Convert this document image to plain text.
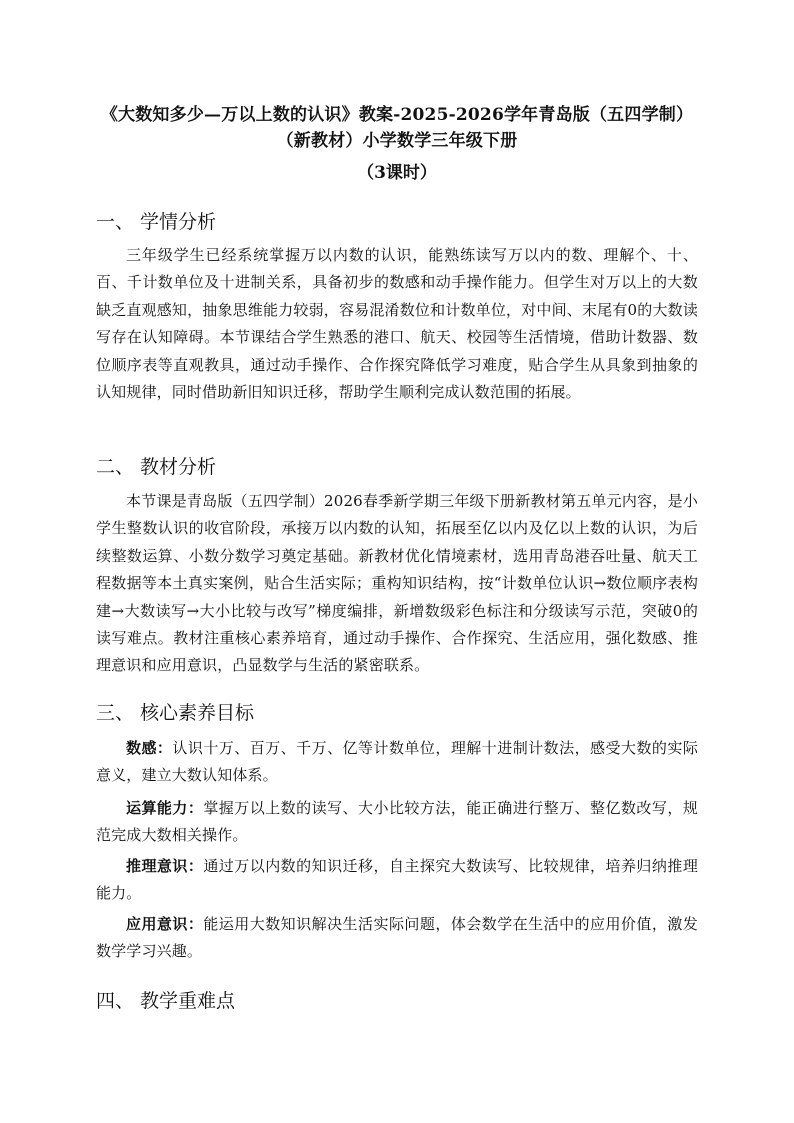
《大数知多少—万以上数的认识》教案-2025-2026学年青岛版（五四学制）（新教材）小学数学三年级下册
（3课时）
一、 学情分析
三年级学生已经系统掌握万以内数的认识，能熟练读写万以内的数、理解个、十、百、千计数单位及十进制关系，具备初步的数感和动手操作能力。但学生对万以上的大数缺乏直观感知，抽象思维能力较弱，容易混淆数位和计数单位，对中间、末尾有0的大数读写存在认知障碍。本节课结合学生熟悉的港口、航天、校园等生活情境，借助计数器、数位顺序表等直观教具，通过动手操作、合作探究降低学习难度，贴合学生从具象到抽象的认知规律，同时借助新旧知识迁移，帮助学生顺利完成认数范围的拓展。
二、 教材分析
本节课是青岛版（五四学制）2026春季新学期三年级下册新教材第五单元内容，是小学生整数认识的收官阶段，承接万以内数的认知，拓展至亿以内及亿以上数的认识，为后续整数运算、小数分数学习奠定基础。新教材优化情境素材，选用青岛港吞吐量、航天工程数据等本土真实案例，贴合生活实际；重构知识结构，按“计数单位认识→数位顺序表构建→大数读写→大小比较与改写”梯度编排，新增数级彩色标注和分级读写示范，突破0的读写难点。教材注重核心素养培育，通过动手操作、合作探究、生活应用，强化数感、推理意识和应用意识，凸显数学与生活的紧密联系。
三、 核心素养目标
数感：认识十万、百万、千万、亿等计数单位，理解十进制计数法，感受大数的实际意义，建立大数认知体系。
运算能力：掌握万以上数的读写、大小比较方法，能正确进行整万、整亿数改写，规范完成大数相关操作。
推理意识：通过万以内数的知识迁移，自主探究大数读写、比较规律，培养归纳推理能力。
应用意识：能运用大数知识解决生活实际问题，体会数学在生活中的应用价值，激发数学学习兴趣。
四、 教学重难点
